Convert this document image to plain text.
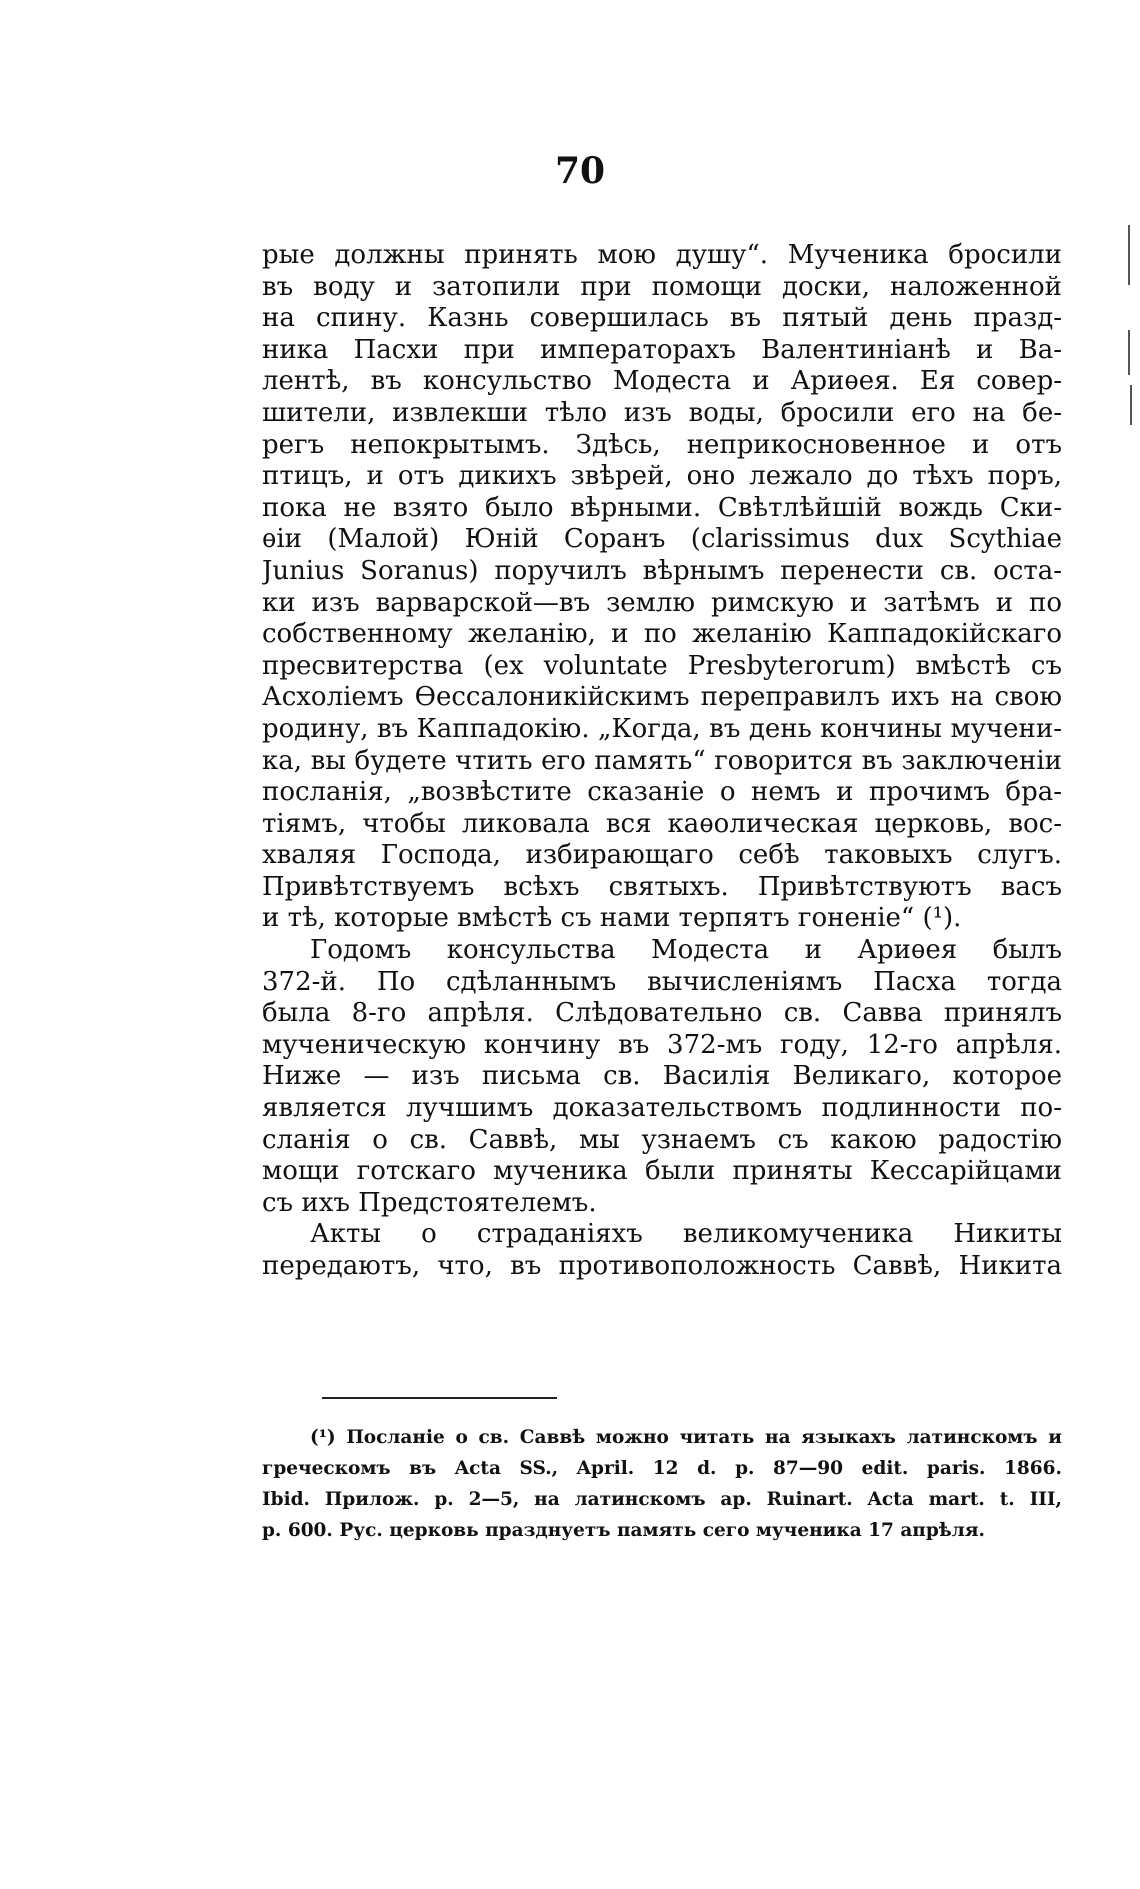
70
рые должны принять мою душу“. Мученика бросили
въ воду и затопили при помощи доски, наложенной
на спину. Казнь совершилась въ пятый день празд-
ника Пасхи при императорахъ Валентиніанѣ и Ва-
лентѣ, въ консульство Модеста и Ариѳея. Ея совер-
шители, извлекши тѣло изъ воды, бросили его на бе-
регъ непокрытымъ. Здѣсь, неприкосновенное и отъ
птицъ, и отъ дикихъ звѣрей, оно лежало до тѣхъ поръ,
пока не взято было вѣрными. Свѣтлѣйшій вождь Ски-
ѳіи (Малой) Юній Соранъ (clarissimus dux Scythiae
Junius Soranus) поручилъ вѣрнымъ перенести св. оста-
ки изъ варварской—въ землю римскую и затѣмъ и по
собственному желанію, и по желанію Каппадокійскаго
пресвитерства (ex voluntate Presbyterorum) вмѣстѣ съ
Асхоліемъ Ѳессалоникійскимъ переправилъ ихъ на свою
родину, въ Каппадокію. „Когда, въ день кончины мучени-
ка, вы будете чтить его память“ говорится въ заключеніи
посланія, „возвѣстите сказаніе о немъ и прочимъ бра-
тіямъ, чтобы ликовала вся каѳолическая церковь, вос-
хваляя Господа, избирающаго себѣ таковыхъ слугъ.
Привѣтствуемъ всѣхъ святыхъ. Привѣтствуютъ васъ
и тѣ, которые вмѣстѣ съ нами терпятъ гоненіе“ (¹).
Годомъ консульства Модеста и Ариѳея былъ
372-й. По сдѣланнымъ вычисленіямъ Пасха тогда
была 8-го апрѣля. Слѣдовательно св. Савва принялъ
мученическую кончину въ 372-мъ году, 12-го апрѣля.
Ниже — изъ письма св. Василія Великаго, которое
является лучшимъ доказательствомъ подлинности по-
сланія о св. Саввѣ, мы узнаемъ съ какою радостію
мощи готскаго мученика были приняты Кессарійцами
съ ихъ Предстоятелемъ.
Акты о страданіяхъ великомученика Никиты
передаютъ, что, въ противоположность Саввѣ, Никита
(¹) Посланіе о св. Саввѣ можно читать на языкахъ латинскомъ и
греческомъ въ Acta SS., April. 12 d. p. 87—90 edit. paris. 1866.
Ibid. Прилож. р. 2—5, на латинскомъ ар. Ruinart. Acta mart. t. III,
р. 600. Рус. церковь празднуетъ память сего мученика 17 апрѣля.
